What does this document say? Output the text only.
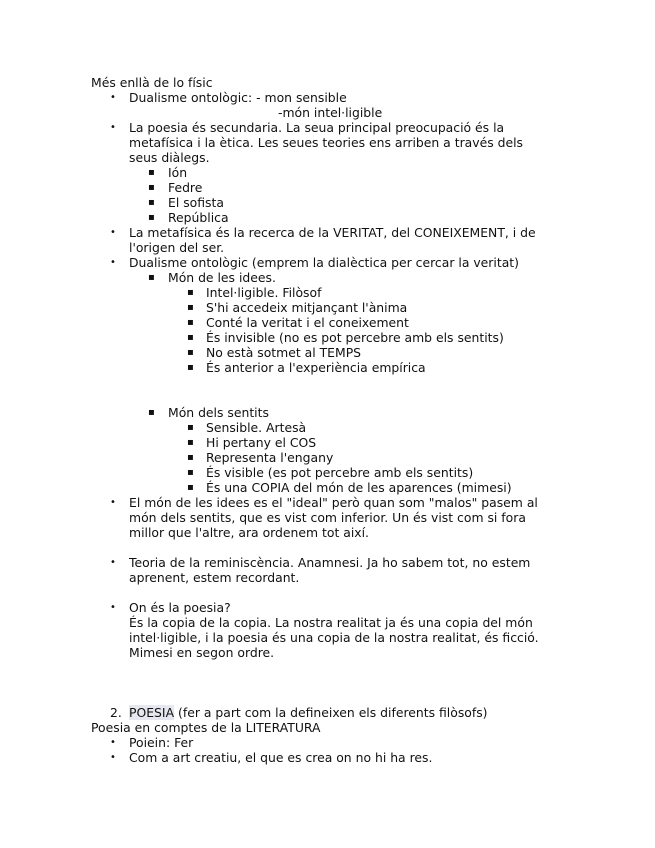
Més enllà de lo físic
• Dualisme ontològic: - mon sensible
-món intel·ligible
• La poesia és secundaria. La seua principal preocupació és la
metafísica i la ètica. Les seues teories ens arriben a través dels
seus diàlegs.
▪ Ión
▪ Fedre
▪ El sofista
▪ República
• La metafísica és la recerca de la VERITAT, del CONEIXEMENT, i de
l'origen del ser.
• Dualisme ontològic (emprem la dialèctica per cercar la veritat)
▪ Món de les idees.
▪ Intel·ligible. Filòsof
▪ S'hi accedeix mitjançant l'ànima
▪ Conté la veritat i el coneixement
▪ És invisible (no es pot percebre amb els sentits)
▪ No està sotmet al TEMPS
▪ És anterior a l'experiència empírica
▪ Món dels sentits
▪ Sensible. Artesà
▪ Hi pertany el COS
▪ Representa l'engany
▪ És visible (es pot percebre amb els sentits)
▪ És una COPIA del món de les aparences (mimesi)
• El món de les idees es el "ideal" però quan som "malos" pasem al
món dels sentits, que es vist com inferior. Un és vist com si fora
millor que l'altre, ara ordenem tot així.
• Teoria de la reminiscència. Anamnesi. Ja ho sabem tot, no estem
aprenent, estem recordant.
• On és la poesia?
És la copia de la copia. La nostra realitat ja és una copia del món
intel·ligible, i la poesia és una copia de la nostra realitat, és ficció.
Mimesi en segon ordre.
2. POESIA (fer a part com la defineixen els diferents filòsofs)
Poesia en comptes de la LITERATURA
• Poiein: Fer
• Com a art creatiu, el que es crea on no hi ha res.
